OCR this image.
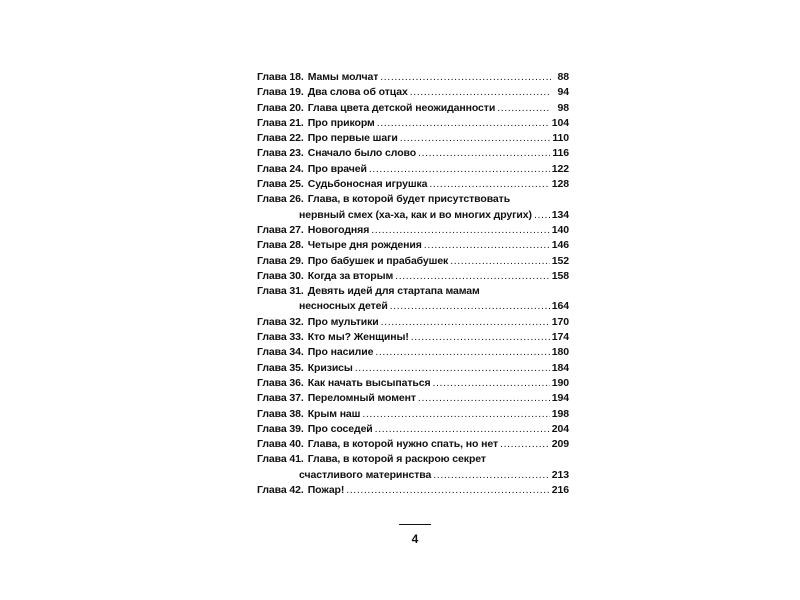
Глава 18. Мамы молчат .....	88
Глава 19. Два слова об отцах .....	94
Глава 20. Глава цвета детской неожиданности .....	98
Глава 21. Про прикорм .....	104
Глава 22. Про первые шаги .....	110
Глава 23. Сначало было слово .....	116
Глава 24. Про врачей .....	122
Глава 25. Судьбоносная игрушка .....	128
Глава 26. Глава, в которой будет присутствовать
нервный смех (ха-ха, как и во многих других) ..... 134
Глава 27. Новогодняя .....	140
Глава 28. Четыре дня рождения .....	146
Глава 29. Про бабушек и прабабушек .....	152
Глава 30. Когда за вторым .....	158
Глава 31. Девять идей для стартапа мамам
несносных детей .....	164
Глава 32. Про мультики .....	170
Глава 33. Кто мы? Женщины! .....	174
Глава 34. Про насилие .....	180
Глава 35. Кризисы .....	184
Глава 36. Как начать высыпаться .....	190
Глава 37. Переломный момент .....	194
Глава 38. Крым наш .....	198
Глава 39. Про соседей .....	204
Глава 40. Глава, в которой нужно спать, но нет .....	209
Глава 41. Глава, в которой я раскрою секрет
счастливого материнства .....	213
Глава 42. Пожар! .....	216
4
